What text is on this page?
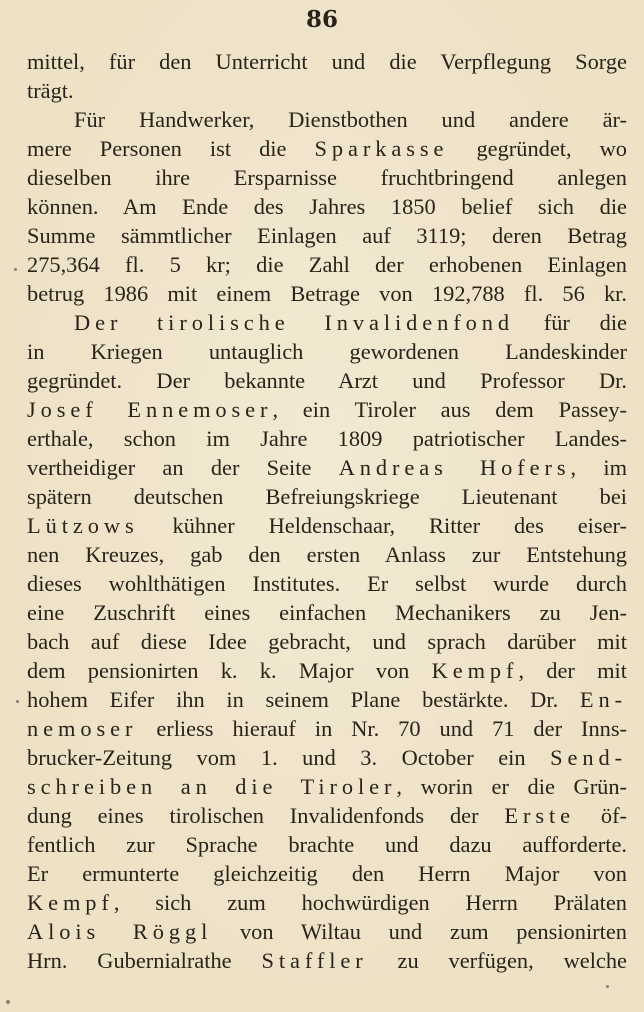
86
mittel, für den Unterricht und die Verpflegung Sorge
trägt.
Für Handwerker, Dienstbothen und andere är-
mere Personen ist die Sparkasse gegründet, wo
dieselben ihre Ersparnisse fruchtbringend anlegen
können. Am Ende des Jahres 1850 belief sich die
Summe sämmtlicher Einlagen auf 3119; deren Betrag
275,364 fl. 5 kr; die Zahl der erhobenen Einlagen
betrug 1986 mit einem Betrage von 192,788 fl. 56 kr.
Der tirolische Invalidenfond für die
in Kriegen untauglich gewordenen Landeskinder
gegründet. Der bekannte Arzt und Professor Dr.
Josef Ennemoser, ein Tiroler aus dem Passey-
erthale, schon im Jahre 1809 patriotischer Landes-
vertheidiger an der Seite Andreas Hofers, im
spätern deutschen Befreiungskriege Lieutenant bei
Lützows kühner Heldenschaar, Ritter des eiser-
nen Kreuzes, gab den ersten Anlass zur Entstehung
dieses wohlthätigen Institutes. Er selbst wurde durch
eine Zuschrift eines einfachen Mechanikers zu Jen-
bach auf diese Idee gebracht, und sprach darüber mit
dem pensionirten k. k. Major von Kempf, der mit
hohem Eifer ihn in seinem Plane bestärkte. Dr. En-
nemoser erliess hierauf in Nr. 70 und 71 der Inns-
brucker-Zeitung vom 1. und 3. October ein Send-
schreiben an die Tiroler, worin er die Grün-
dung eines tirolischen Invalidenfonds der Erste öf-
fentlich zur Sprache brachte und dazu aufforderte.
Er ermunterte gleichzeitig den Herrn Major von
Kempf, sich zum hochwürdigen Herrn Prälaten
Alois Röggl von Wiltau und zum pensionirten
Hrn. Gubernialrathe Staffler zu verfügen, welche
